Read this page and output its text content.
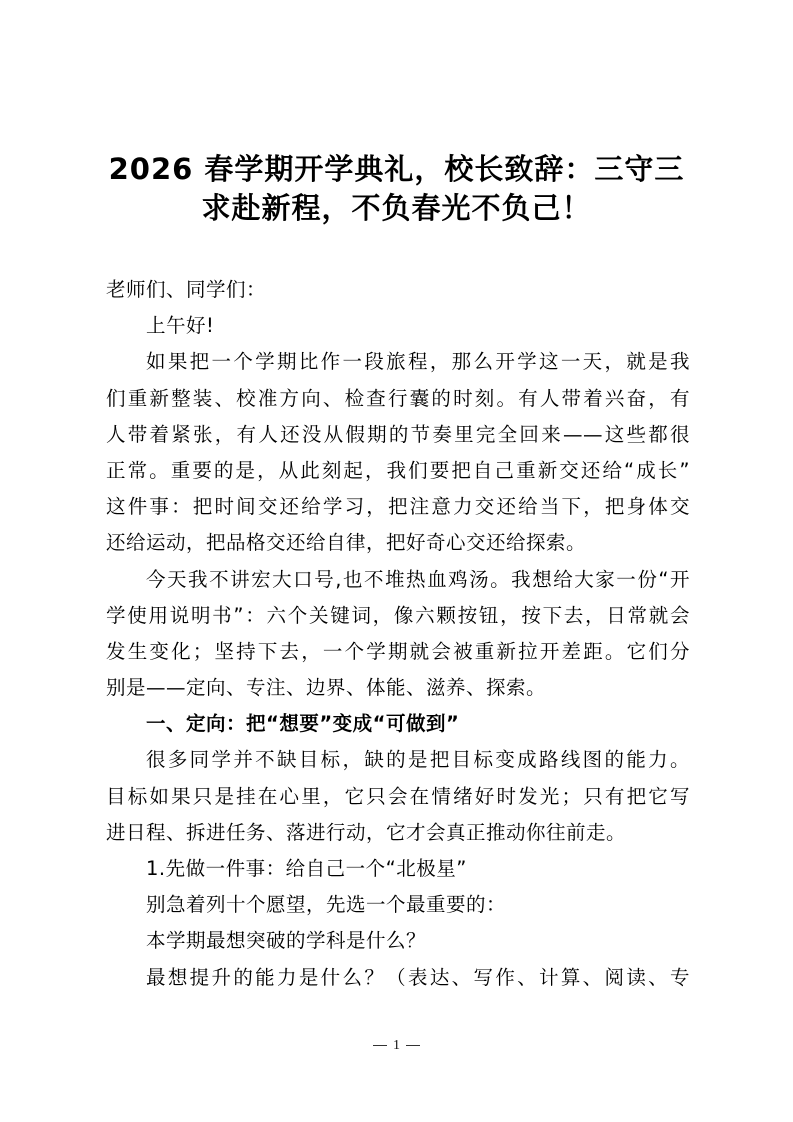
2026 春学期开学典礼，校长致辞：三守三
求赴新程，不负春光不负己！
老师们、同学们：
上午好!
如果把一个学期比作一段旅程，那么开学这一天，就是我
们重新整装、校准方向、检查行囊的时刻。有人带着兴奋，有
人带着紧张，有人还没从假期的节奏里完全回来——这些都很
正常。重要的是，从此刻起，我们要把自己重新交还给“成长”
这件事：把时间交还给学习，把注意力交还给当下，把身体交
还给运动，把品格交还给自律，把好奇心交还给探索。
今天我不讲宏大口号,也不堆热血鸡汤。我想给大家一份“开
学使用说明书”：六个关键词，像六颗按钮，按下去，日常就会
发生变化；坚持下去，一个学期就会被重新拉开差距。它们分
别是——定向、专注、边界、体能、滋养、探索。
一、定向：把“想要”变成“可做到”
很多同学并不缺目标，缺的是把目标变成路线图的能力。
目标如果只是挂在心里，它只会在情绪好时发光；只有把它写
进日程、拆进任务、落进行动，它才会真正推动你往前走。
1.先做一件事：给自己一个“北极星”
别急着列十个愿望，先选一个最重要的：
本学期最想突破的学科是什么？
最想提升的能力是什么？（表达、写作、计算、阅读、专
1
